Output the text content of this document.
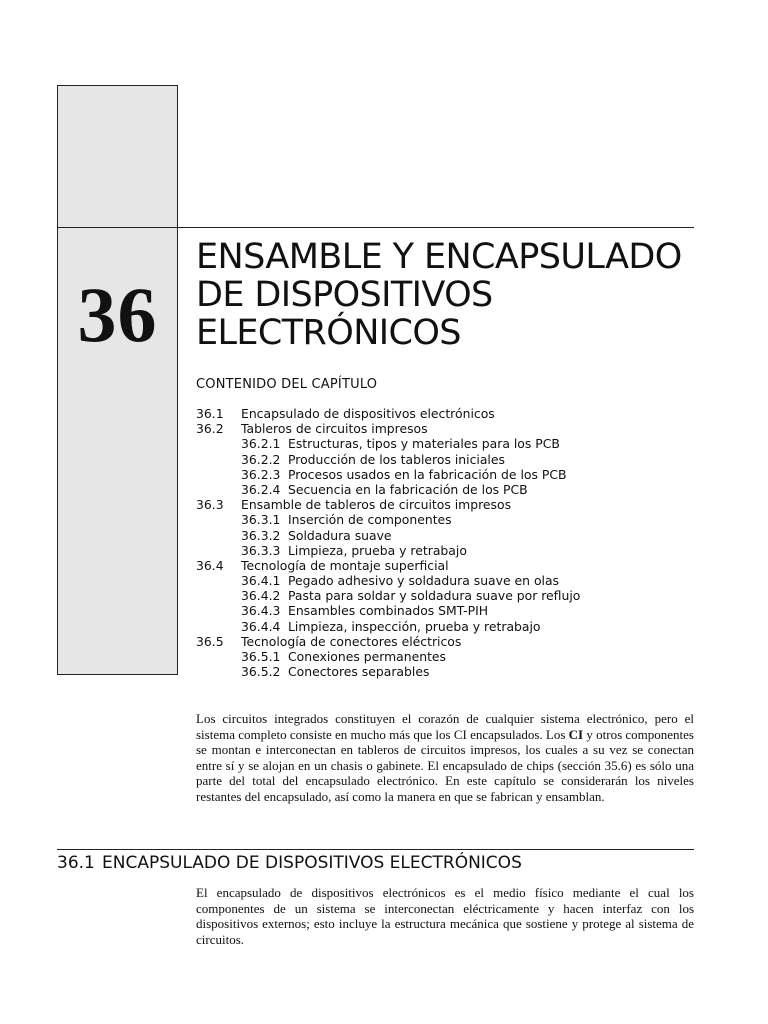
36
ENSAMBLE Y ENCAPSULADO
DE DISPOSITIVOS
ELECTRÓNICOS
CONTENIDO DEL CAPÍTULO
36.1 Encapsulado de dispositivos electrónicos
36.2 Tableros de circuitos impresos
36.2.1 Estructuras, tipos y materiales para los PCB
36.2.2 Producción de los tableros iniciales
36.2.3 Procesos usados en la fabricación de los PCB
36.2.4 Secuencia en la fabricación de los PCB
36.3 Ensamble de tableros de circuitos impresos
36.3.1 Inserción de componentes
36.3.2 Soldadura suave
36.3.3 Limpieza, prueba y retrabajo
36.4 Tecnología de montaje superficial
36.4.1 Pegado adhesivo y soldadura suave en olas
36.4.2 Pasta para soldar y soldadura suave por reflujo
36.4.3 Ensambles combinados SMT-PIH
36.4.4 Limpieza, inspección, prueba y retrabajo
36.5 Tecnología de conectores eléctricos
36.5.1 Conexiones permanentes
36.5.2 Conectores separables

Los circuitos integrados constituyen el corazón de cualquier sistema electrónico, pero el sistema completo consiste en mucho más que los CI encapsulados. Los CI y otros componentes se montan e interconectan en tableros de circuitos impresos, los cuales a su vez se conectan entre sí y se alojan en un chasis o gabinete. El encapsulado de chips (sección 35.6) es sólo una parte del total del encapsulado electrónico. En este capítulo se considerarán los niveles restantes del encapsulado, así como la manera en que se fabrican y ensamblan.

36.1 ENCAPSULADO DE DISPOSITIVOS ELECTRÓNICOS

El encapsulado de dispositivos electrónicos es el medio físico mediante el cual los componentes de un sistema se interconectan eléctricamente y hacen interfaz con los dispositivos externos; esto incluye la estructura mecánica que sostiene y protege al sistema de circuitos.
